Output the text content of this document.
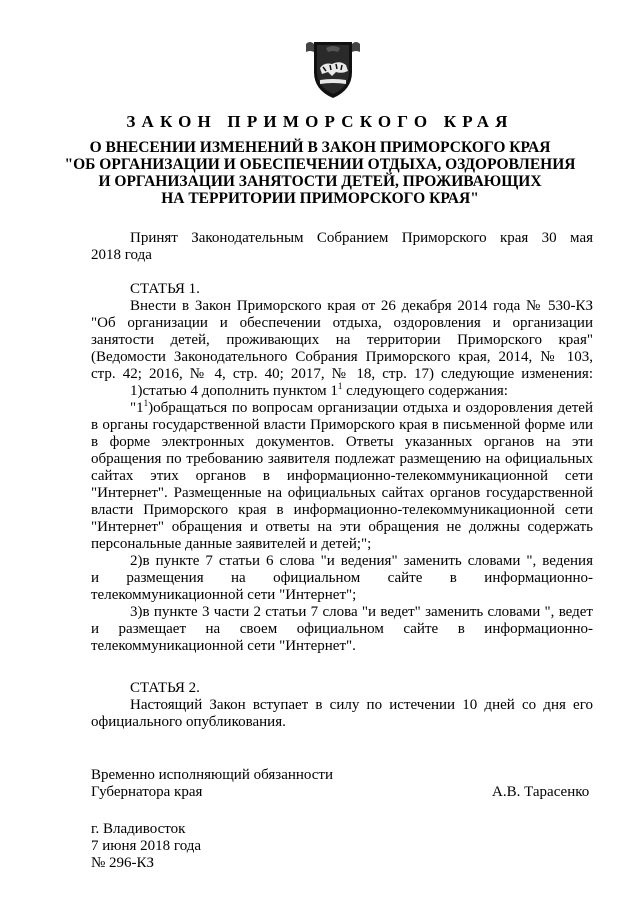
ЗАКОН ПРИМОРСКОГО КРАЯ
О ВНЕСЕНИИ ИЗМЕНЕНИЙ В ЗАКОН ПРИМОРСКОГО КРАЯ
"ОБ ОРГАНИЗАЦИИ И ОБЕСПЕЧЕНИИ ОТДЫХА, ОЗДОРОВЛЕНИЯ
И ОРГАНИЗАЦИИ ЗАНЯТОСТИ ДЕТЕЙ, ПРОЖИВАЮЩИХ
НА ТЕРРИТОРИИ ПРИМОРСКОГО КРАЯ"
Принят Законодательным Собранием Приморского края 30 мая
2018 года
СТАТЬЯ 1.
Внести в Закон Приморского края от 26 декабря 2014 года № 530-КЗ
"Об организации и обеспечении отдыха, оздоровления и организации
занятости детей, проживающих на территории Приморского края"
(Ведомости Законодательного Собрания Приморского края, 2014, № 103,
стр. 42; 2016, № 4, стр. 40; 2017, № 18, стр. 17) следующие изменения:
1)статью 4 дополнить пунктом $1^1$ следующего содержания:
"$1^1)обращаться$ по вопросам организации отдыха и оздоровления детей
в органы государственной власти Приморского края в письменной форме или
в форме электронных документов. Ответы указанных органов на эти
обращения по требованию заявителя подлежат размещению на официальных
сайтах этих органов в информационно-телекоммуникационной сети
"Интернет". Размещенные на официальных сайтах органов государственной
власти Приморского края в информационно-телекоммуникационной сети
"Интернет" обращения и ответы на эти обращения не должны содержать
персональные данные заявителей и детей;";
2)в пункте 7 статьи 6 слова "и ведения" заменить словами ", ведения
и размещения на официальном сайте в информационно-
телекоммуникационной сети "Интернет";
3)в пункте 3 части 2 статьи 7 слова "и ведет" заменить словами ", ведет
и размещает на своем официальном сайте в информационно-
телекоммуникационной сети "Интернет".
СТАТЬЯ 2.
Настоящий Закон вступает в силу по истечении 10 дней со дня его
официального опубликования.
Временно исполняющий обязанности
Губернатора края	А.В. Тарасенко
г. Владивосток
7 июня 2018 года
№ 296-КЗ
